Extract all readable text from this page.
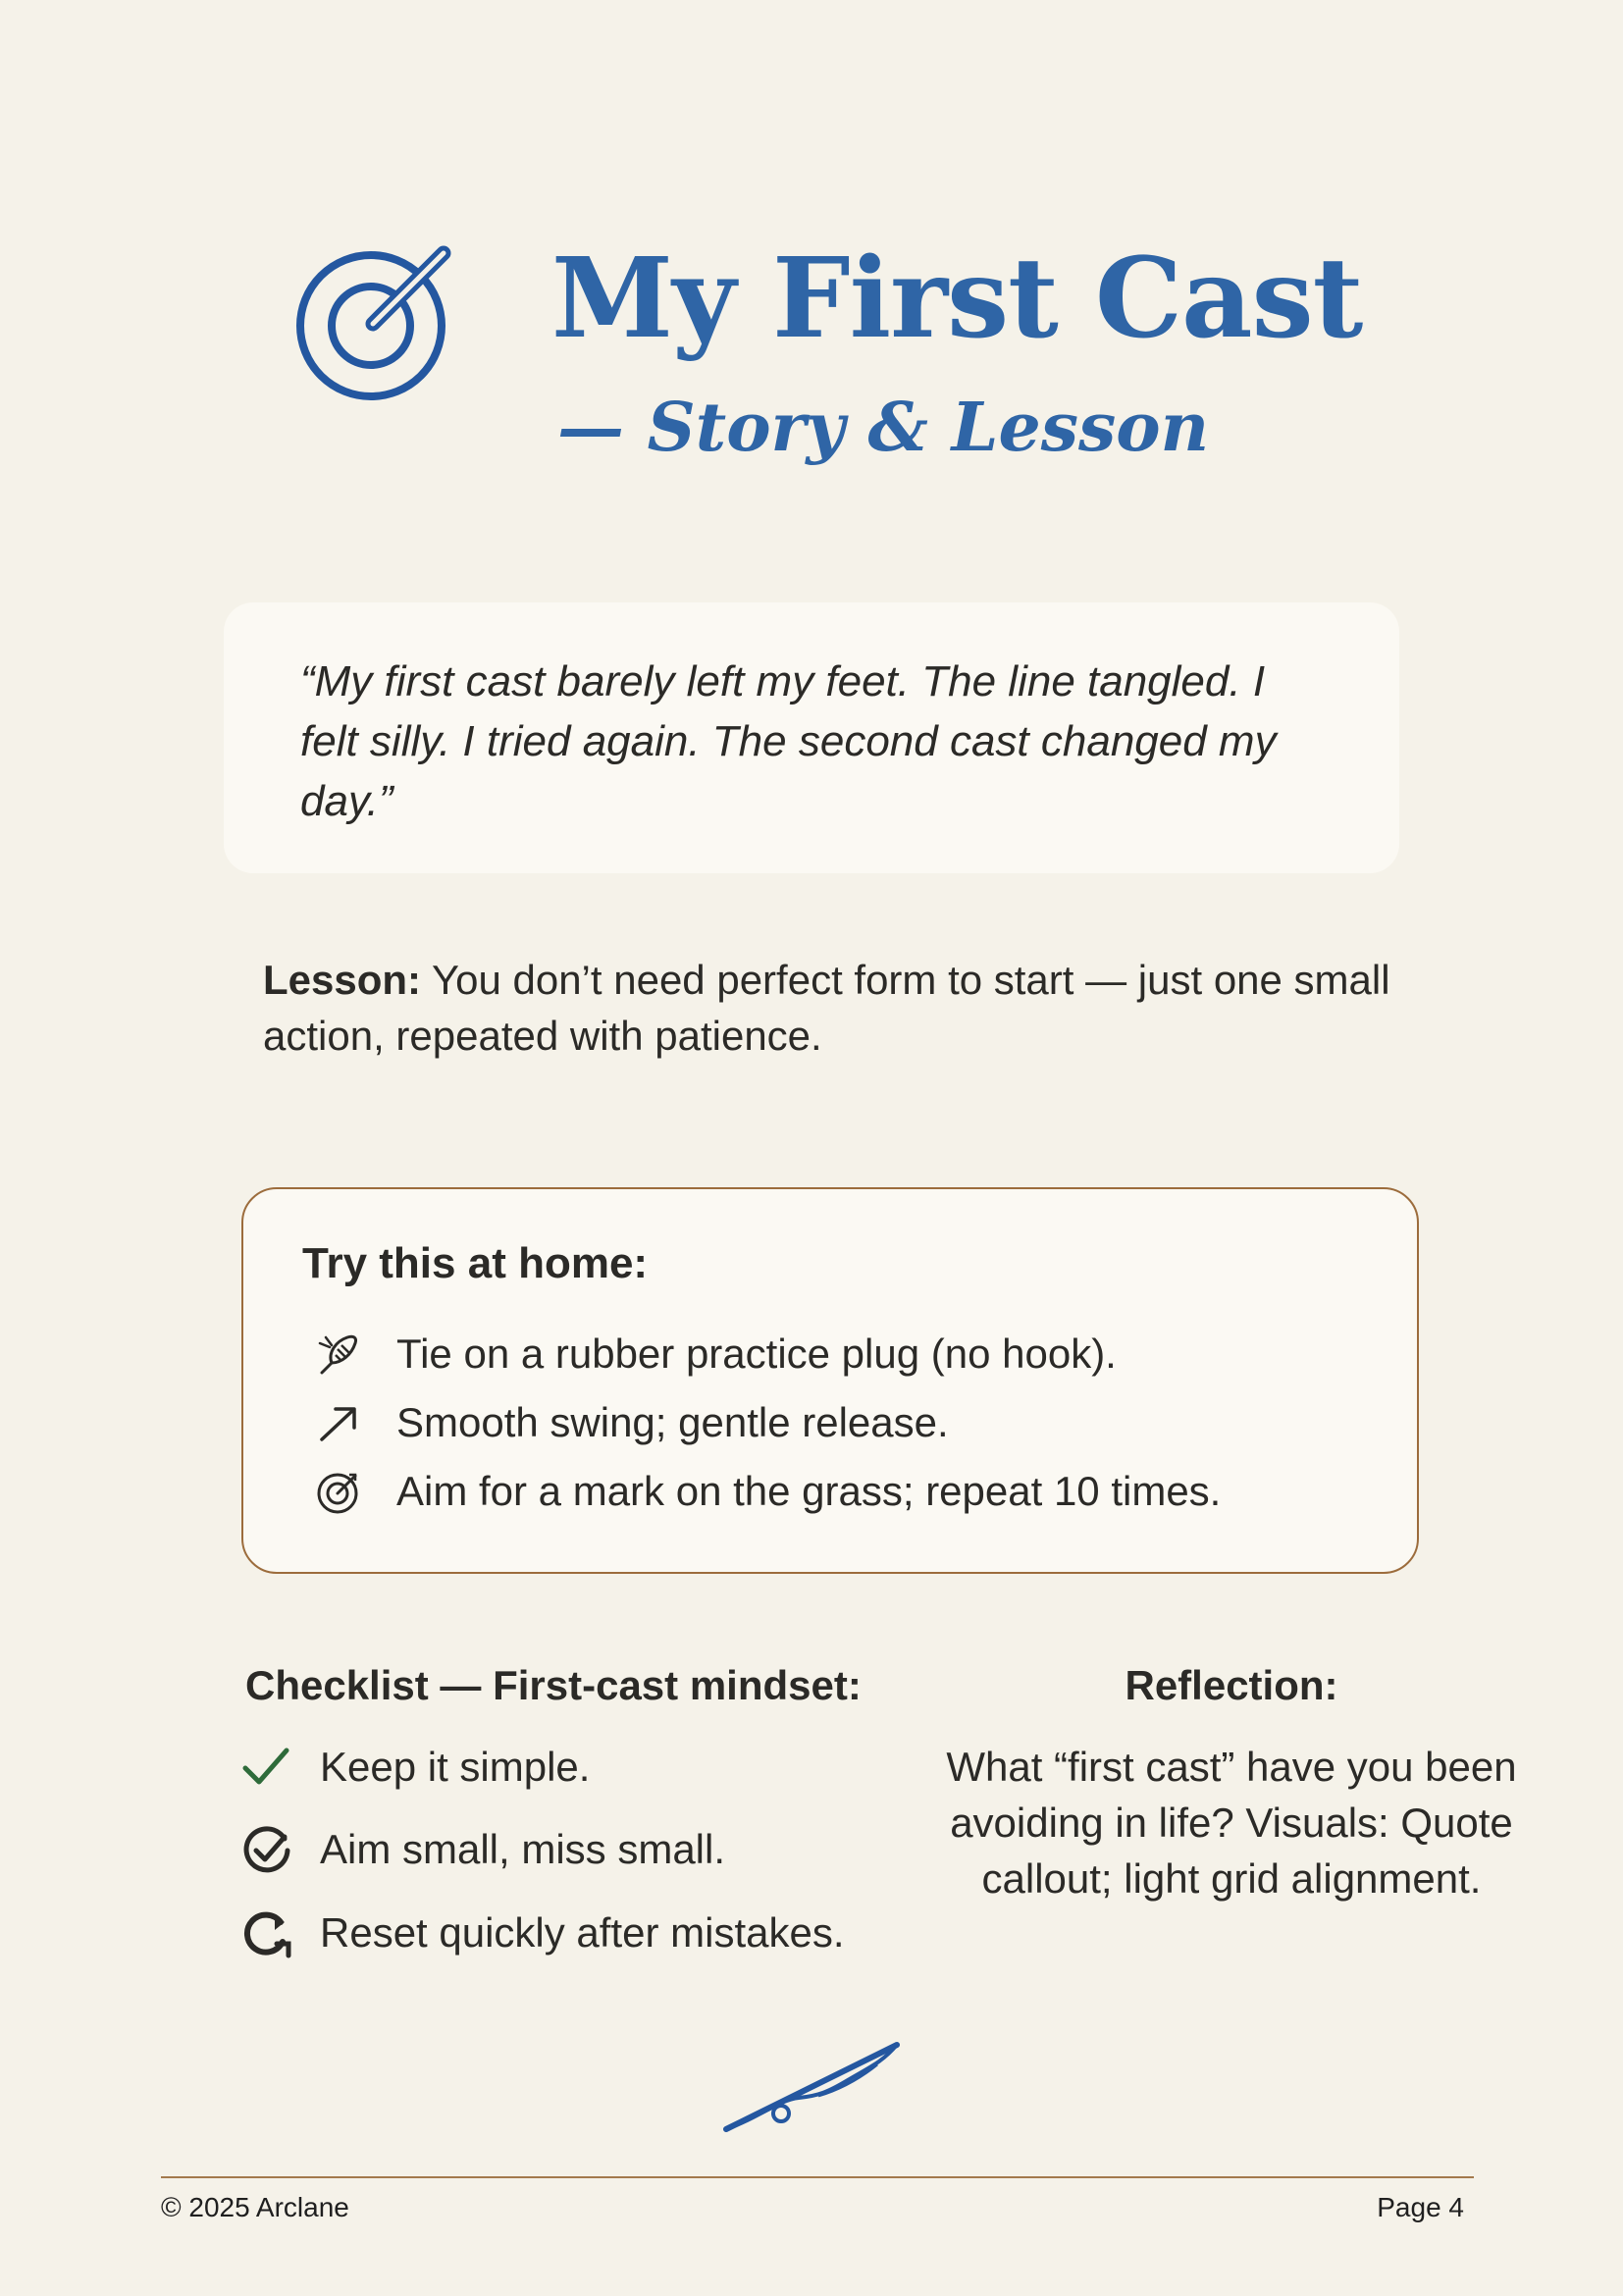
My First Cast
— Story & Lesson

“My first cast barely left my feet. The line tangled. I felt silly. I tried again. The second cast changed my day.”

Lesson: You don’t need perfect form to start — just one small action, repeated with patience.

Try this at home:
Tie on a rubber practice plug (no hook).
Smooth swing; gentle release.
Aim for a mark on the grass; repeat 10 times.
Checklist — First-cast mindset:
Keep it simple.
Aim small, miss small.
Reset quickly after mistakes.
Reflection:

What “first cast” have you been avoiding in life? Visuals: Quote callout; light grid alignment.

© 2025 Arclane	Page 4
